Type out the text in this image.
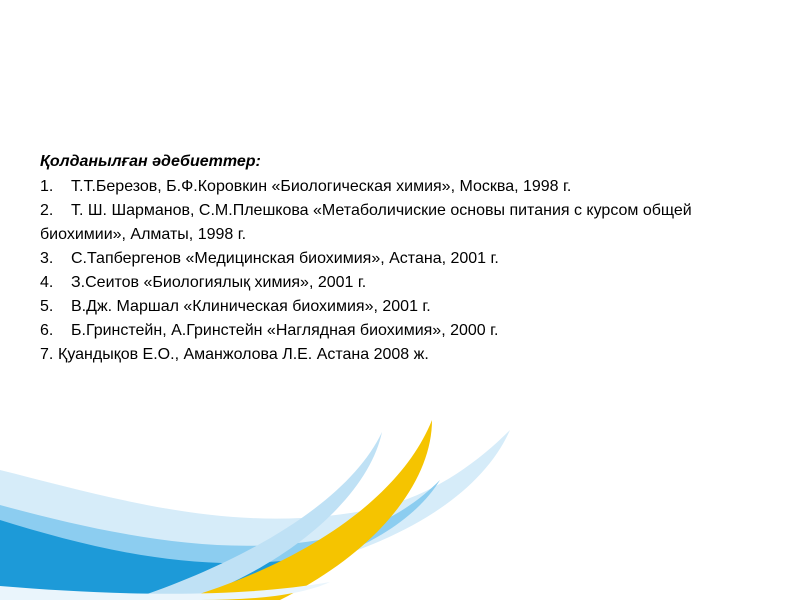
Қолданылған әдебиеттер:
1. Т.Т.Березов, Б.Ф.Коровкин «Биологическая химия», Москва, 1998 г.
2. Т. Ш. Шарманов, С.М.Плешкова «Метаболичиские основы питания с курсом общей биохимии», Алматы, 1998 г.
3. С.Тапбергенов «Медицинская биохимия», Астана, 2001 г.
4. З.Сеитов «Биологиялық химия», 2001 г.
5. В.Дж. Маршал «Клиническая биохимия», 2001 г.
6. Б.Гринстейн, А.Гринстейн «Наглядная биохимия», 2000 г.
7. Қуандықов Е.О., Аманжолова Л.Е. Астана 2008 ж.
